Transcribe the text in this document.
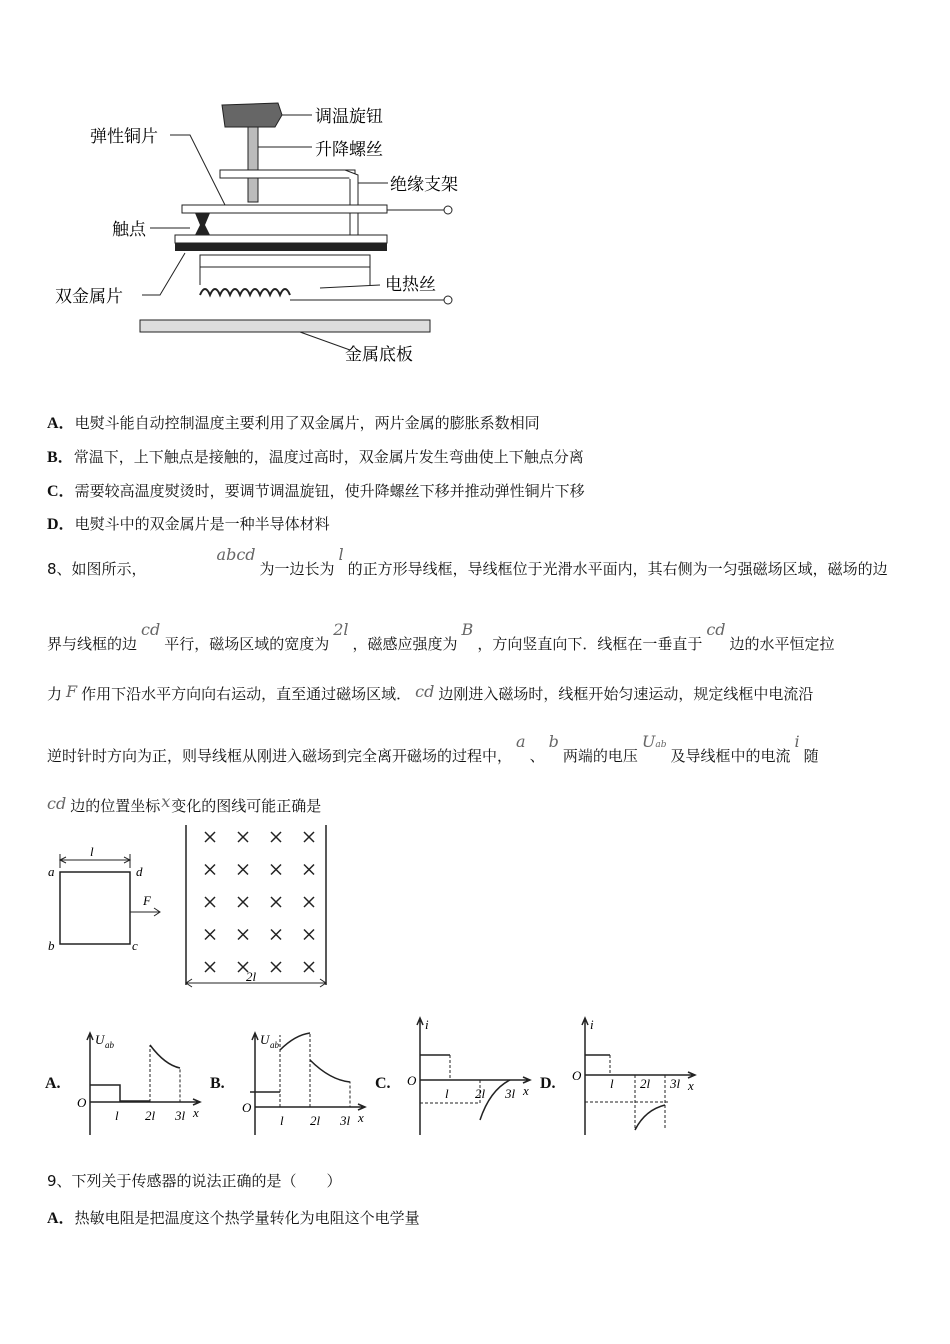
调温旋钮
升降螺丝
绝缘支架
弹性铜片
触点
双金属片
电热丝
金属底板
A．电熨斗能自动控制温度主要利用了双金属片，两片金属的膨胀系数相同
B．常温下，上下触点是接触的，温度过高时，双金属片发生弯曲使上下触点分离
C．需要较高温度熨烫时，要调节调温旋钮，使升降螺丝下移并推动弹性铜片下移
D．电熨斗中的双金属片是一种半导体材料
8、如图所示，abcd为一边长为l的正方形导线框，导线框位于光滑水平面内，其右侧为一匀强磁场区域，磁场的边
界与线框的边cd平行，磁场区域的宽度为2l，磁感应强度为B，方向竖直向下．线框在一垂直于cd边的水平恒定拉
力 F 作用下沿水平方向向右运动，直至通过磁场区域． cd 边刚进入磁场时，线框开始匀速运动，规定线框中电流沿
逆时针时方向为正，则导线框从刚进入磁场到完全离开磁场的过程中，a、b两端的电压$U^{ab}$及导线框中的电流i随
cd 边的位置坐标x变化的图线可能正确是
l
a	d
b	c
F
2l
A.
O
U ab
l 2l 3l x
B.
O
U ab
l 2l 3l x
C. O
i
l 2l 3l x D. O
i
l 2l 3l x
9、下列关于传感器的说法正确的是（　　）
A．热敏电阻是把温度这个热学量转化为电阻这个电学量
